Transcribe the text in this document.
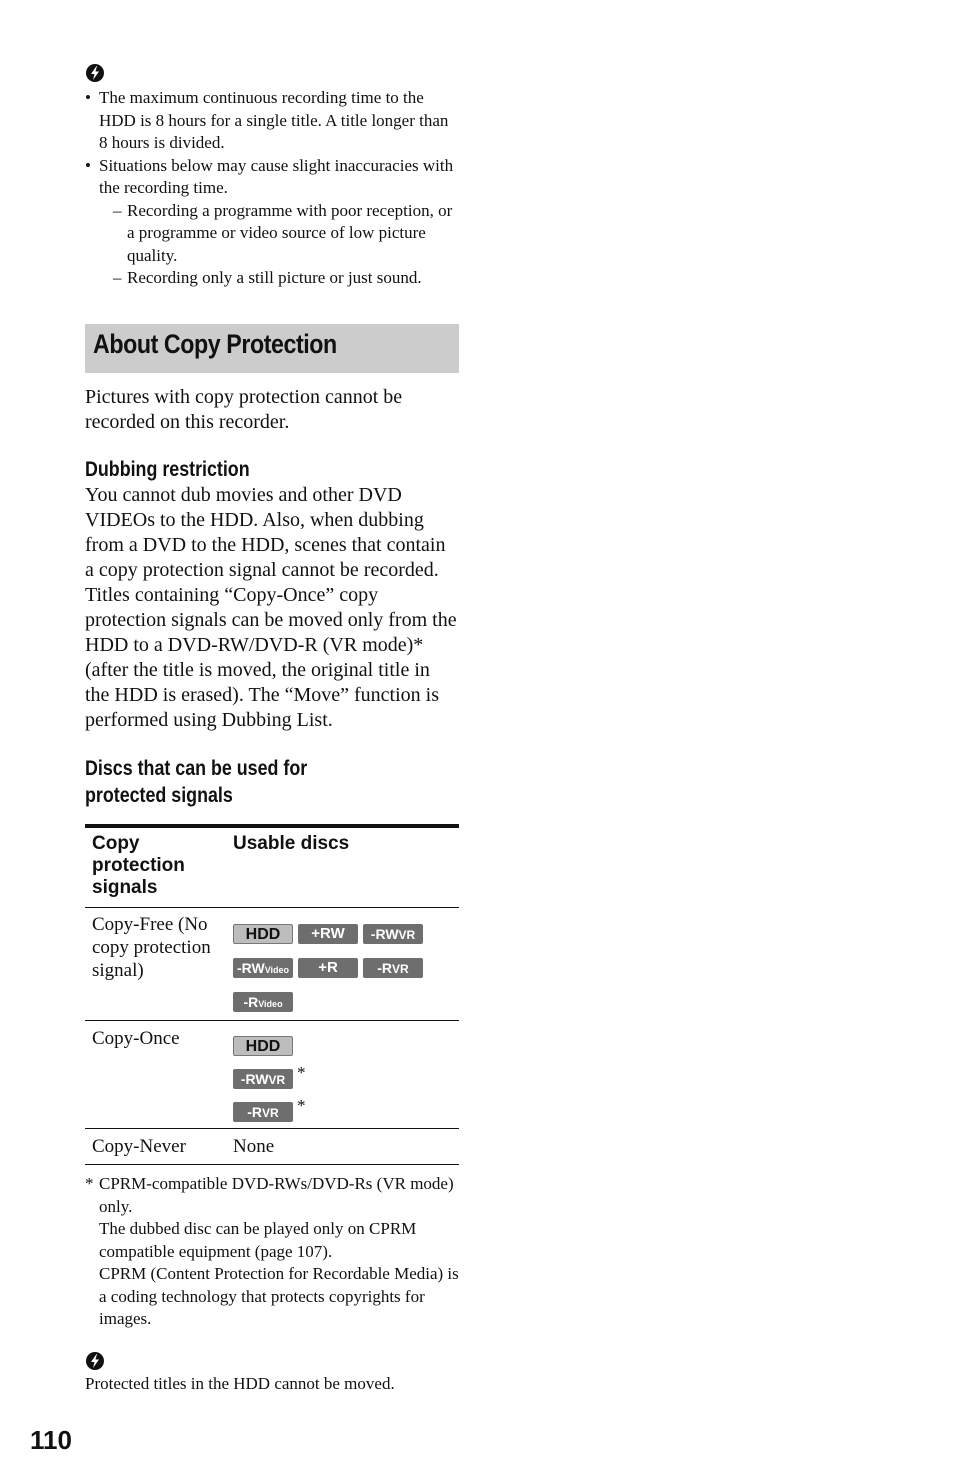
• The maximum continuous recording time to the HDD is 8 hours for a single title. A title longer than 8 hours is divided.
• Situations below may cause slight inaccuracies with the recording time.
– Recording a programme with poor reception, or a programme or video source of low picture quality.
– Recording only a still picture or just sound.
About Copy Protection

Pictures with copy protection cannot be recorded on this recorder.

Dubbing restriction

You cannot dub movies and other DVD VIDEOs to the HDD. Also, when dubbing from a DVD to the HDD, scenes that contain a copy protection signal cannot be recorded. Titles containing “Copy-Once” copy protection signals can be moved only from the HDD to a DVD-RW/DVD-R (VR mode)* (after the title is moved, the original title in the HDD is erased). The “Move” function is performed using Dubbing List.

Discs that can be used for protected signals

Copy protection signals	Usable discs

Copy-Free (No copy protection signal)	HDD +RW -RWVR
-RWVideo +R -RVR
-RVideo

Copy-Once	HDD
-RWVR *
-RVR *

Copy-Never	None

* CPRM-compatible DVD-RWs/DVD-Rs (VR mode) only.

The dubbed disc can be played only on CPRM compatible equipment (page 107).

CPRM (Content Protection for Recordable Media) is a coding technology that protects copyrights for images.

Protected titles in the HDD cannot be moved.

110
